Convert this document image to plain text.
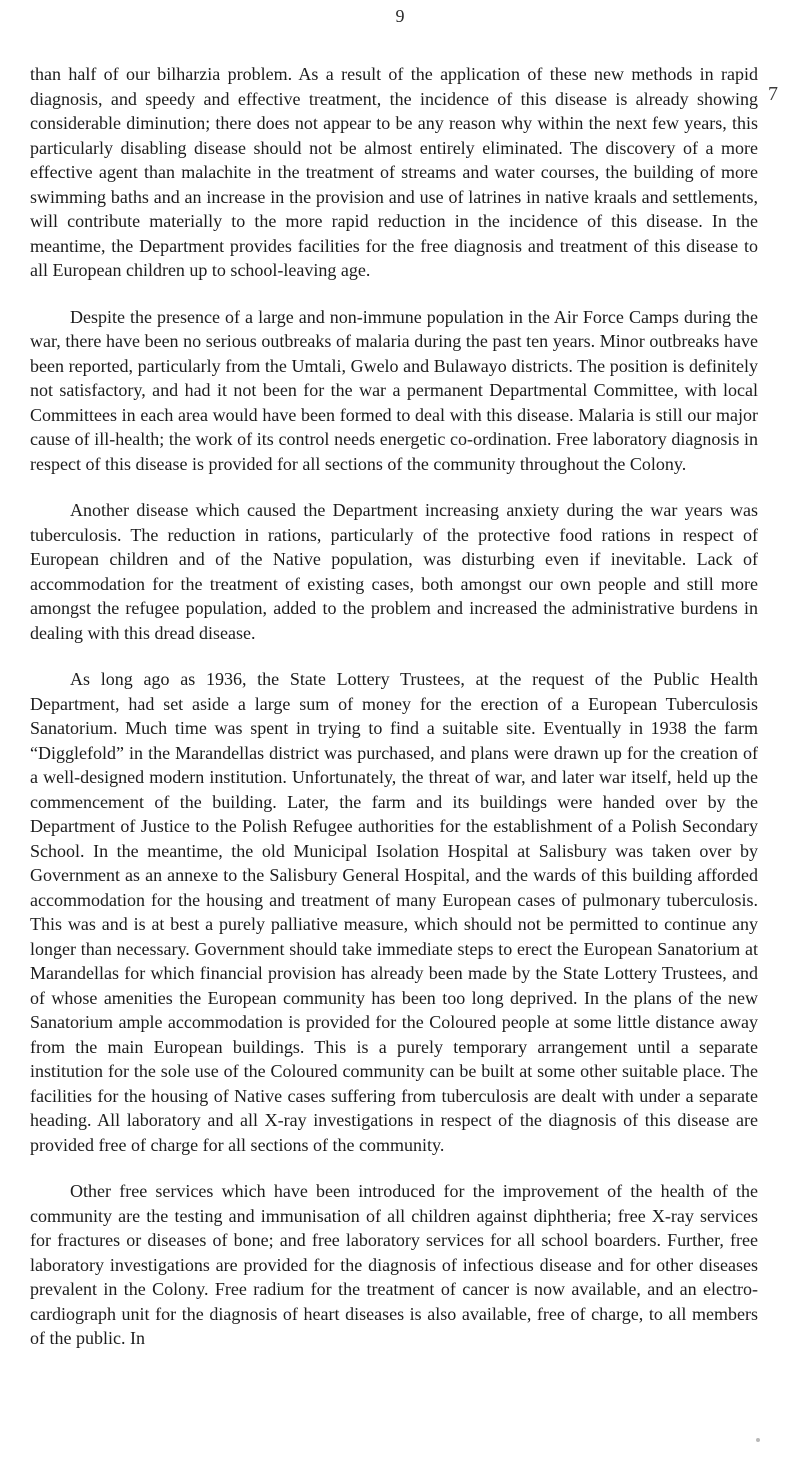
9
7

than half of our bilharzia problem. As a result of the application of these new methods in rapid diagnosis, and speedy and effective treatment, the incidence of this disease is already showing considerable diminution; there does not appear to be any reason why within the next few years, this particularly disabling disease should not be almost entirely eliminated. The discovery of a more effective agent than malachite in the treatment of streams and water courses, the building of more swimming baths and an increase in the provision and use of latrines in native kraals and settlements, will contribute materially to the more rapid reduction in the incidence of this disease. In the meantime, the Department provides facilities for the free diagnosis and treatment of this disease to all European children up to school-leaving age.

Despite the presence of a large and non-immune population in the Air Force Camps during the war, there have been no serious outbreaks of malaria during the past ten years. Minor outbreaks have been reported, particularly from the Umtali, Gwelo and Bulawayo districts. The position is definitely not satisfactory, and had it not been for the war a permanent Departmental Committee, with local Committees in each area would have been formed to deal with this disease. Malaria is still our major cause of ill-health; the work of its control needs energetic co-ordination. Free laboratory diagnosis in respect of this disease is provided for all sections of the community throughout the Colony.

Another disease which caused the Department increasing anxiety during the war years was tuberculosis. The reduction in rations, particularly of the protective food rations in respect of European children and of the Native population, was disturbing even if inevitable. Lack of accommodation for the treatment of existing cases, both amongst our own people and still more amongst the refugee population, added to the problem and increased the administrative burdens in dealing with this dread disease.

As long ago as 1936, the State Lottery Trustees, at the request of the Public Health Department, had set aside a large sum of money for the erection of a European Tuberculosis Sanatorium. Much time was spent in trying to find a suitable site. Eventually in 1938 the farm “Digglefold” in the Marandellas district was purchased, and plans were drawn up for the creation of a well-designed modern institution. Unfortunately, the threat of war, and later war itself, held up the commencement of the building. Later, the farm and its buildings were handed over by the Department of Justice to the Polish Refugee authorities for the establishment of a Polish Secondary School. In the meantime, the old Municipal Isolation Hospital at Salisbury was taken over by Government as an annexe to the Salisbury General Hospital, and the wards of this building afforded accommodation for the housing and treatment of many European cases of pulmonary tuberculosis. This was and is at best a purely palliative measure, which should not be permitted to continue any longer than necessary. Government should take immediate steps to erect the European Sanatorium at Marandellas for which financial provision has already been made by the State Lottery Trustees, and of whose amenities the European community has been too long deprived. In the plans of the new Sanatorium ample accommodation is provided for the Coloured people at some little distance away from the main European buildings. This is a purely temporary arrangement until a separate institution for the sole use of the Coloured community can be built at some other suitable place. The facilities for the housing of Native cases suffering from tuberculosis are dealt with under a separate heading. All laboratory and all X-ray investigations in respect of the diagnosis of this disease are provided free of charge for all sections of the community.

Other free services which have been introduced for the improvement of the health of the community are the testing and immunisation of all children against diphtheria; free X-ray services for fractures or diseases of bone; and free laboratory services for all school boarders. Further, free laboratory investigations are provided for the diagnosis of infectious disease and for other diseases prevalent in the Colony. Free radium for the treatment of cancer is now available, and an electro-cardiograph unit for the diagnosis of heart diseases is also available, free of charge, to all members of the public. In
